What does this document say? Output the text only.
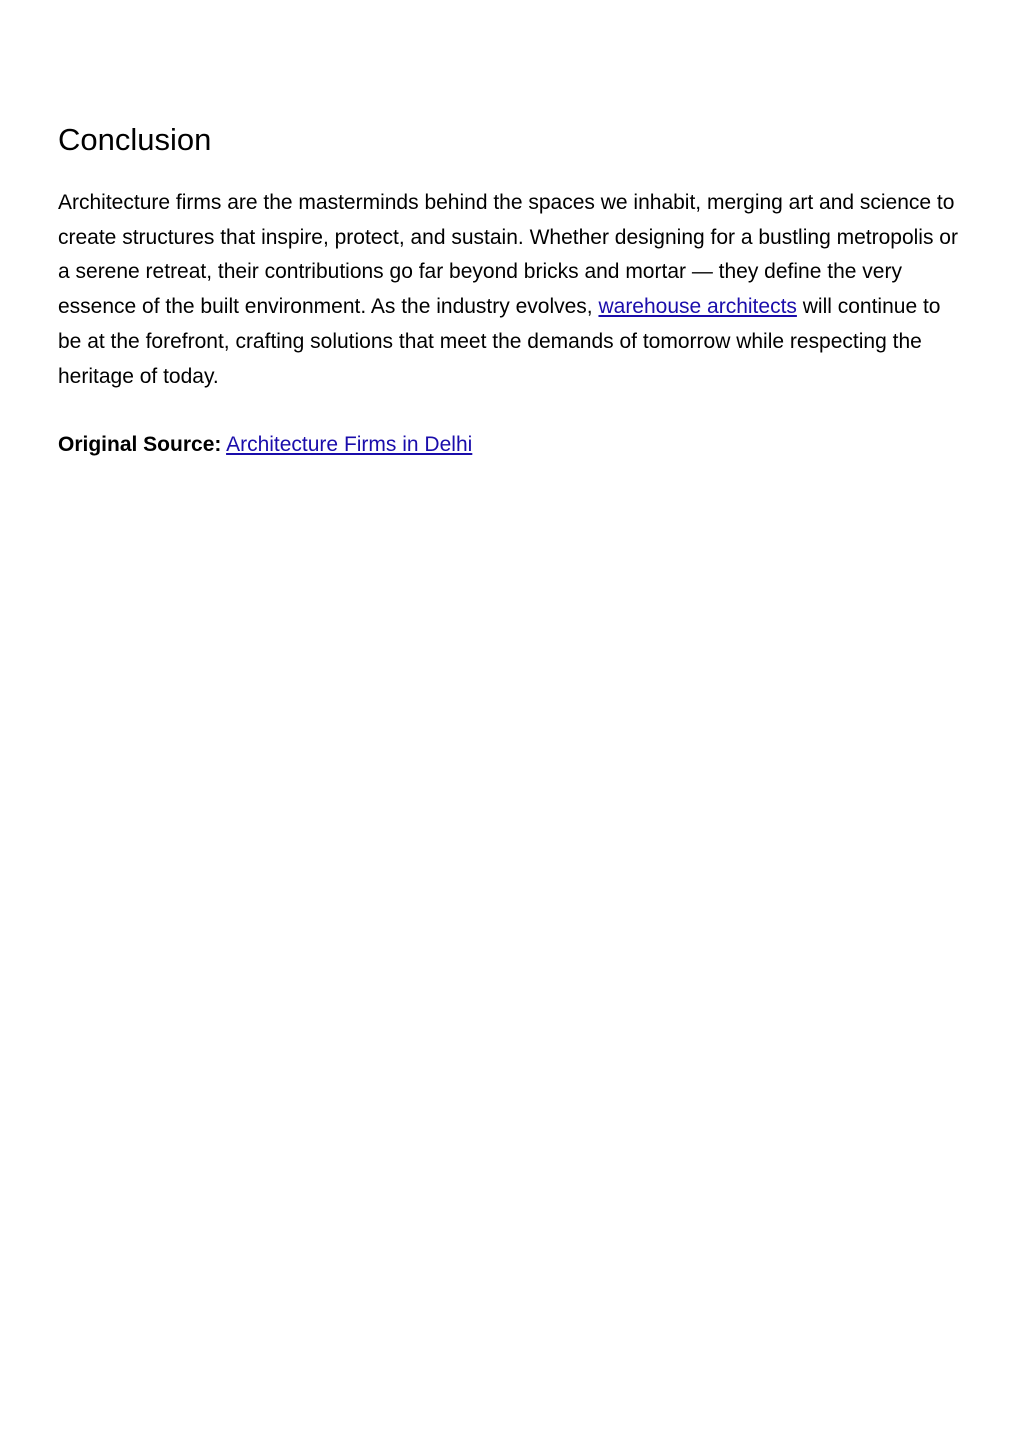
Conclusion

Architecture firms are the masterminds behind the spaces we inhabit, merging art and science to create structures that inspire, protect, and sustain. Whether designing for a bustling metropolis or a serene retreat, their contributions go far beyond bricks and mortar — they define the very essence of the built environment. As the industry evolves, warehouse architects will continue to be at the forefront, crafting solutions that meet the demands of tomorrow while respecting the heritage of today.

Original Source: Architecture Firms in Delhi
